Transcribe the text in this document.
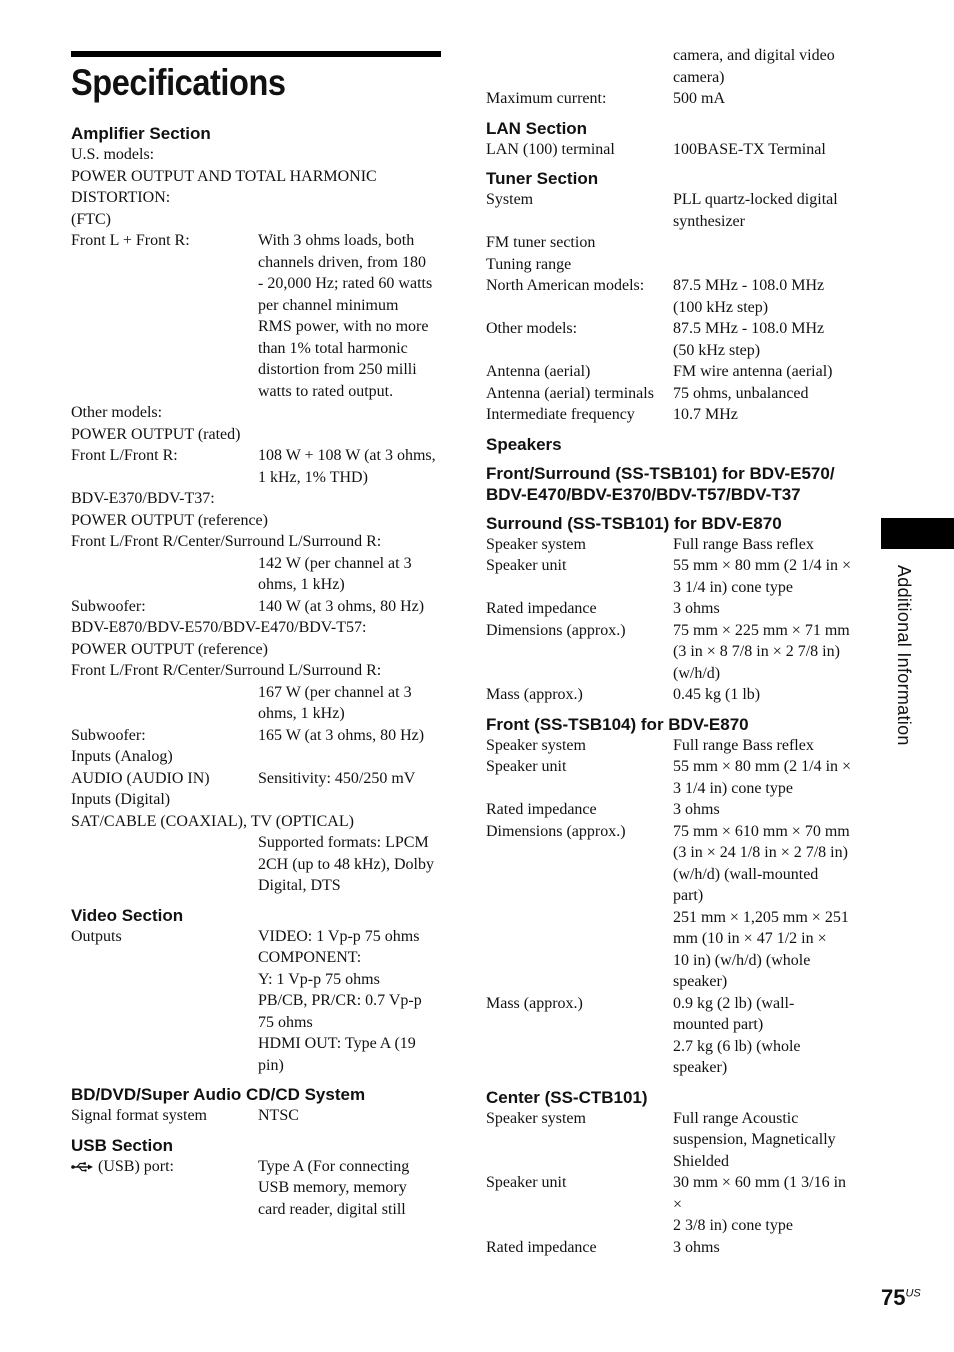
Specifications
Amplifier Section
U.S. models:
POWER OUTPUT AND TOTAL HARMONIC
DISTORTION:
(FTC)
Front L + Front R:	With 3 ohms loads, both
channels driven, from 180
- 20,000 Hz; rated 60 watts
per channel minimum
RMS power, with no more
than 1% total harmonic
distortion from 250 milli
watts to rated output.
Other models:
POWER OUTPUT (rated)
Front L/Front R:	108 W + 108 W (at 3 ohms,
1 kHz, 1% THD)
BDV-E370/BDV-T37:
POWER OUTPUT (reference)
Front L/Front R/Center/Surround L/Surround R:
142 W (per channel at 3
ohms, 1 kHz)
Subwoofer:	140 W (at 3 ohms, 80 Hz)
BDV-E870/BDV-E570/BDV-E470/BDV-T57:
POWER OUTPUT (reference)
Front L/Front R/Center/Surround L/Surround R:
167 W (per channel at 3
ohms, 1 kHz)
Subwoofer:	165 W (at 3 ohms, 80 Hz)
Inputs (Analog)
AUDIO (AUDIO IN)	Sensitivity: 450/250 mV
Inputs (Digital)
SAT/CABLE (COAXIAL), TV (OPTICAL)
Supported formats: LPCM
2CH (up to 48 kHz), Dolby
Digital, DTS
Video Section
Outputs	VIDEO: 1 Vp-p 75 ohms
COMPONENT:
Y: 1 Vp-p 75 ohms
PB/CB, PR/CR: 0.7 Vp-p
75 ohms
HDMI OUT: Type A (19
pin)
BD/DVD/Super Audio CD/CD System
Signal format system	NTSC
USB Section
(USB) port:	Type A (For connecting
USB memory, memory
card reader, digital still
camera, and digital video
camera)
Maximum current:	500 mA
LAN Section
LAN (100) terminal	100BASE-TX Terminal
Tuner Section
System	PLL quartz-locked digital
synthesizer
FM tuner section
Tuning range
North American models:	87.5 MHz - 108.0 MHz
(100 kHz step)
Other models:	87.5 MHz - 108.0 MHz
(50 kHz step)
Antenna (aerial)	FM wire antenna (aerial)
Antenna (aerial) terminals	75 ohms, unbalanced
Intermediate frequency	10.7 MHz
Speakers
Front/Surround (SS-TSB101) for BDV-E570/
BDV-E470/BDV-E370/BDV-T57/BDV-T37
Surround (SS-TSB101) for BDV-E870
Speaker system	Full range Bass reflex
Speaker unit	55 mm × 80 mm (2 1/4 in ×
3 1/4 in) cone type
Rated impedance	3 ohms
Dimensions (approx.)	75 mm × 225 mm × 71 mm
(3 in × 8 7/8 in × 2 7/8 in)
(w/h/d)
Mass (approx.)	0.45 kg (1 lb)
Front (SS-TSB104) for BDV-E870
Speaker system	Full range Bass reflex
Speaker unit	55 mm × 80 mm (2 1/4 in ×
3 1/4 in) cone type
Rated impedance	3 ohms
Dimensions (approx.)	75 mm × 610 mm × 70 mm
(3 in × 24 1/8 in × 2 7/8 in)
(w/h/d) (wall-mounted
part)
251 mm × 1,205 mm × 251
mm (10 in × 47 1/2 in ×
10 in) (w/h/d) (whole
speaker)
Mass (approx.)	0.9 kg (2 lb) (wall-
mounted part)
2.7 kg (6 lb) (whole
speaker)
Center (SS-CTB101)
Speaker system	Full range Acoustic
suspension, Magnetically
Shielded
Speaker unit	30 mm × 60 mm (1 3/16 in ×
2 3/8 in) cone type
Rated impedance	3 ohms
Additional Information
$75^{US}$
